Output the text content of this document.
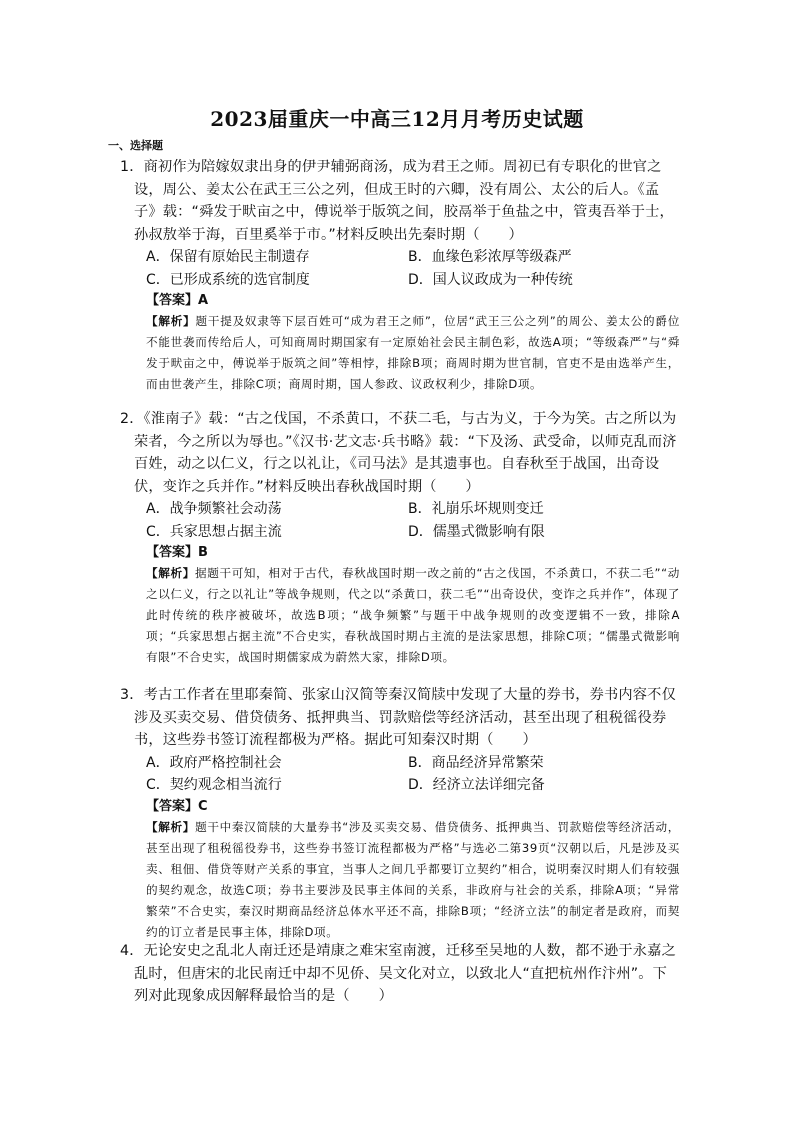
2023届重庆一中高三12月月考历史试题
一、选择题

1．商初作为陪嫁奴隶出身的伊尹辅弼商汤，成为君王之师。周初已有专职化的世官之设，周公、姜太公在武王三公之列，但成王时的六卿，没有周公、太公的后人。《孟子》载：“舜发于畎亩之中，傅说举于版筑之间，胶鬲举于鱼盐之中，管夷吾举于士，孙叔敖举于海，百里奚举于市。”材料反映出先秦时期（　　）

A．保留有原始民主制遗存	B．血缘色彩浓厚等级森严
C．已形成系统的选官制度	D．国人议政成为一种传统
【答案】A

【解析】题干提及奴隶等下层百姓可“成为君王之师”，位居“武王三公之列”的周公、姜太公的爵位不能世袭而传给后人，可知商周时期国家有一定原始社会民主制色彩，故选A项；“等级森严”与“舜发于畎亩之中，傅说举于版筑之间”等相悖，排除B项；商周时期为世官制，官吏不是由选举产生，而由世袭产生，排除C项；商周时期，国人参政、议政权利少，排除D项。

2．《淮南子》载：“古之伐国，不杀黄口，不获二毛，与古为义，于今为笑。古之所以为荣者，今之所以为辱也。”《汉书·艺文志·兵书略》载：“下及汤、武受命，以师克乱而济百姓，动之以仁义，行之以礼让，《司马法》是其遗事也。自春秋至于战国，出奇设伏，变诈之兵并作。”材料反映出春秋战国时期（　　）

A．战争频繁社会动荡	B．礼崩乐坏规则变迁
C．兵家思想占据主流	D．儒墨式微影响有限
【答案】B

【解析】据题干可知，相对于古代，春秋战国时期一改之前的“古之伐国，不杀黄口，不获二毛”“动之以仁义，行之以礼让”等战争规则，代之以“杀黄口，获二毛”“出奇设伏，变诈之兵并作”，体现了此时传统的秩序被破坏，故选B项；“战争频繁”与题干中战争规则的改变逻辑不一致，排除A项；“兵家思想占据主流”不合史实，春秋战国时期占主流的是法家思想，排除C项；“儒墨式微影响有限”不合史实，战国时期儒家成为蔚然大家，排除D项。

3．考古工作者在里耶秦简、张家山汉简等秦汉简牍中发现了大量的券书，券书内容不仅涉及买卖交易、借贷债务、抵押典当、罚款赔偿等经济活动，甚至出现了租税徭役券书，这些券书签订流程都极为严格。据此可知秦汉时期（　　）

A．政府严格控制社会	B．商品经济异常繁荣
C．契约观念相当流行	D．经济立法详细完备
【答案】C

【解析】题干中秦汉简牍的大量券书“涉及买卖交易、借贷债务、抵押典当、罚款赔偿等经济活动，甚至出现了租税徭役券书，这些券书签订流程都极为严格”与选必二第39页“汉朝以后，凡是涉及买卖、租佃、借贷等财产关系的事宜，当事人之间几乎都要订立契约”相合，说明秦汉时期人们有较强的契约观念，故选C项；券书主要涉及民事主体间的关系，非政府与社会的关系，排除A项；“异常繁荣”不合史实，秦汉时期商品经济总体水平还不高，排除B项；“经济立法”的制定者是政府，而契约的订立者是民事主体，排除D项。

4．无论安史之乱北人南迁还是靖康之难宋室南渡，迁移至吴地的人数，都不逊于永嘉之乱时，但唐宋的北民南迁中却不见侨、吴文化对立，以致北人“直把杭州作汴州”。下列对此现象成因解释最恰当的是（　　）
